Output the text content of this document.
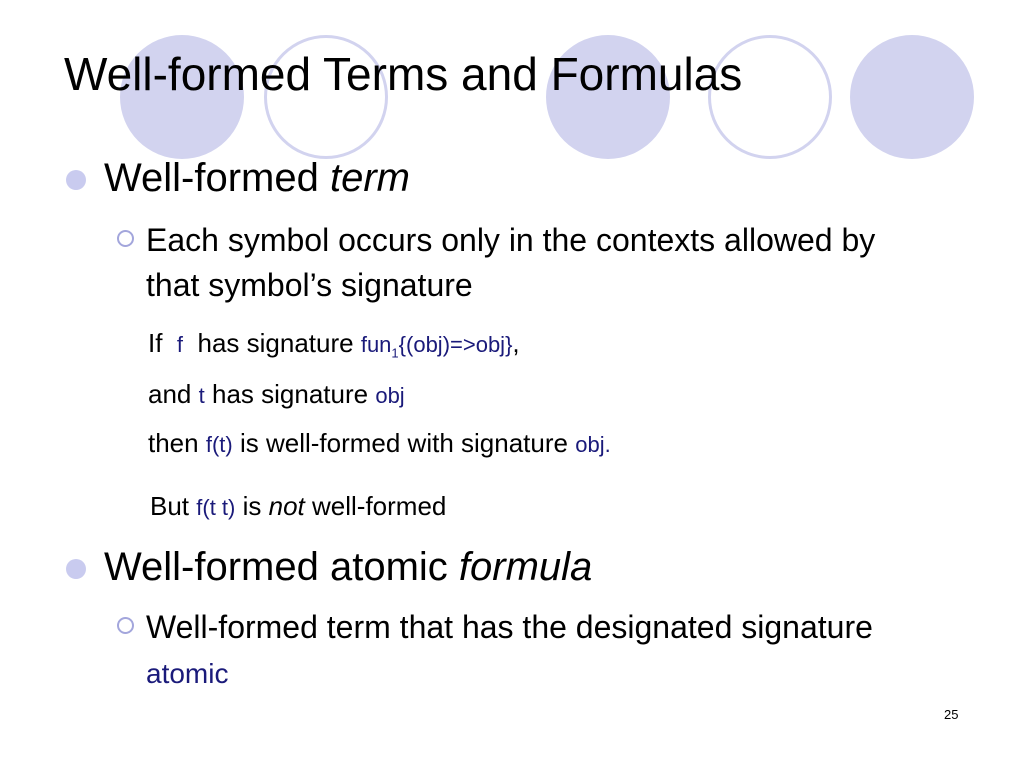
Well-formed Terms and Formulas
Well-formed term
Each symbol occurs only in the contexts allowed by that symbol’s signature
If f has signature fun$_1${(obj)=>obj},
and t has signature obj
then f(t) is well-formed with signature obj.
But f(t t) is not well-formed
Well-formed atomic formula
Well-formed term that has the designated signature atomic
25
